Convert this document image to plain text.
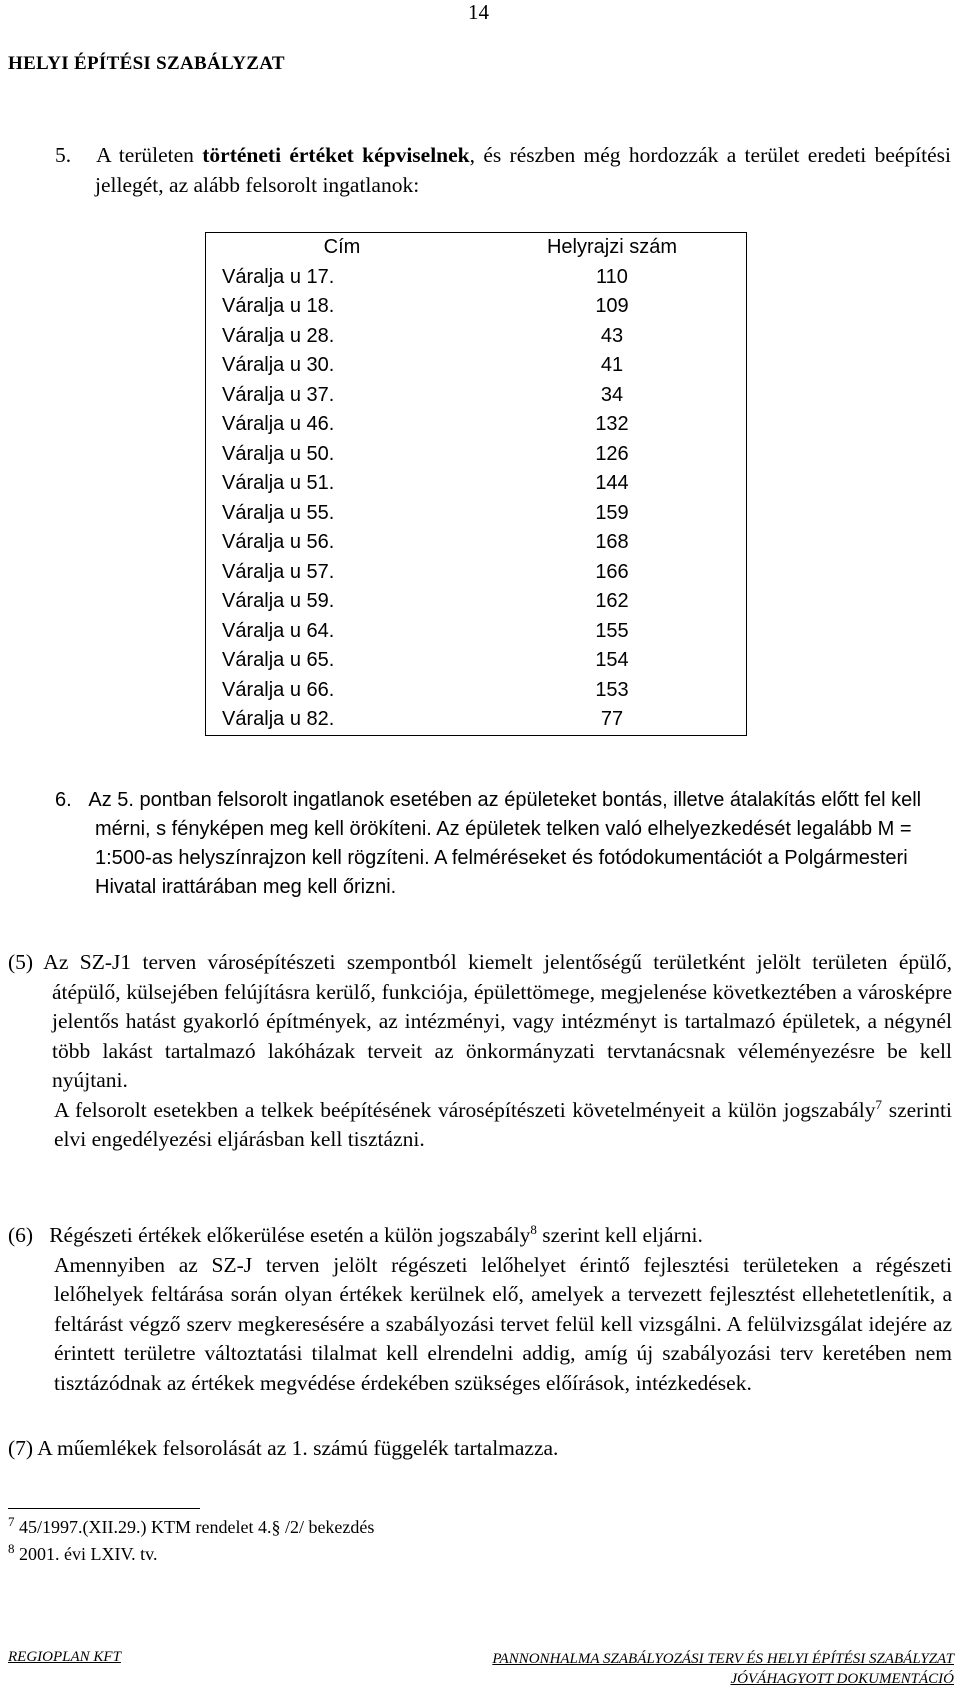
14
HELYI ÉPÍTÉSI SZABÁLYZAT
5. A területen történeti értéket képviselnek, és részben még hordozzák a terület eredeti beépítési jellegét, az alább felsorolt ingatlanok:
Cím	Helyrajzi szám
Váralja u 17.	110
Váralja u 18.	109
Váralja u 28.	43
Váralja u 30.	41
Váralja u 37.	34
Váralja u 46.	132
Váralja u 50.	126
Váralja u 51.	144
Váralja u 55.	159
Váralja u 56.	168
Váralja u 57.	166
Váralja u 59.	162
Váralja u 64.	155
Váralja u 65.	154
Váralja u 66.	153
Váralja u 82.	77
6. Az 5. pontban felsorolt ingatlanok esetében az épületeket bontás, illetve átalakítás előtt fel kell mérni, s fényképen meg kell örökíteni. Az épületek telken való elhelyezkedését legalább M = 1:500-as helyszínrajzon kell rögzíteni. A felméréseket és fotódokumentációt a Polgármesteri Hivatal irattárában meg kell őrizni.
(5) Az SZ-J1 terven városépítészeti szempontból kiemelt jelentőségű területként jelölt területen épülő, átépülő, külsejében felújításra kerülő, funkciója, épülettömege, megjelenése következtében a városképre jelentős hatást gyakorló építmények, az intézményi, vagy intézményt is tartalmazó épületek, a négynél több lakást tartalmazó lakóházak terveit az önkormányzati tervtanácsnak véleményezésre be kell nyújtani.
A felsorolt esetekben a telkek beépítésének városépítészeti követelményeit a külön jogszabály$^7$ szerinti elvi engedélyezési eljárásban kell tisztázni.
(6) Régészeti értékek előkerülése esetén a külön jogszabály$^8$ szerint kell eljárni.
Amennyiben az SZ-J terven jelölt régészeti lelőhelyet érintő fejlesztési területeken a régészeti lelőhelyek feltárása során olyan értékek kerülnek elő, amelyek a tervezett fejlesztést ellehetetlenítik, a feltárást végző szerv megkeresésére a szabályozási tervet felül kell vizsgálni. A felülvizsgálat idejére az érintett területre változtatási tilalmat kell elrendelni addig, amíg új szabályozási terv keretében nem tisztázódnak az értékek megvédése érdekében szükséges előírások, intézkedések.
(7) A műemlékek felsorolását az 1. számú függelék tartalmazza.
$^7$ 45/1997.(XII.29.) KTM rendelet 4.§ /2/ bekezdés
$^8$ 2001. évi LXIV. tv.
REGIOPLAN KFT	PANNONHALMA SZABÁLYOZÁSI TERV ÉS HELYI ÉPÍTÉSI SZABÁLYZAT
JÓVÁHAGYOTT DOKUMENTÁCIÓ
